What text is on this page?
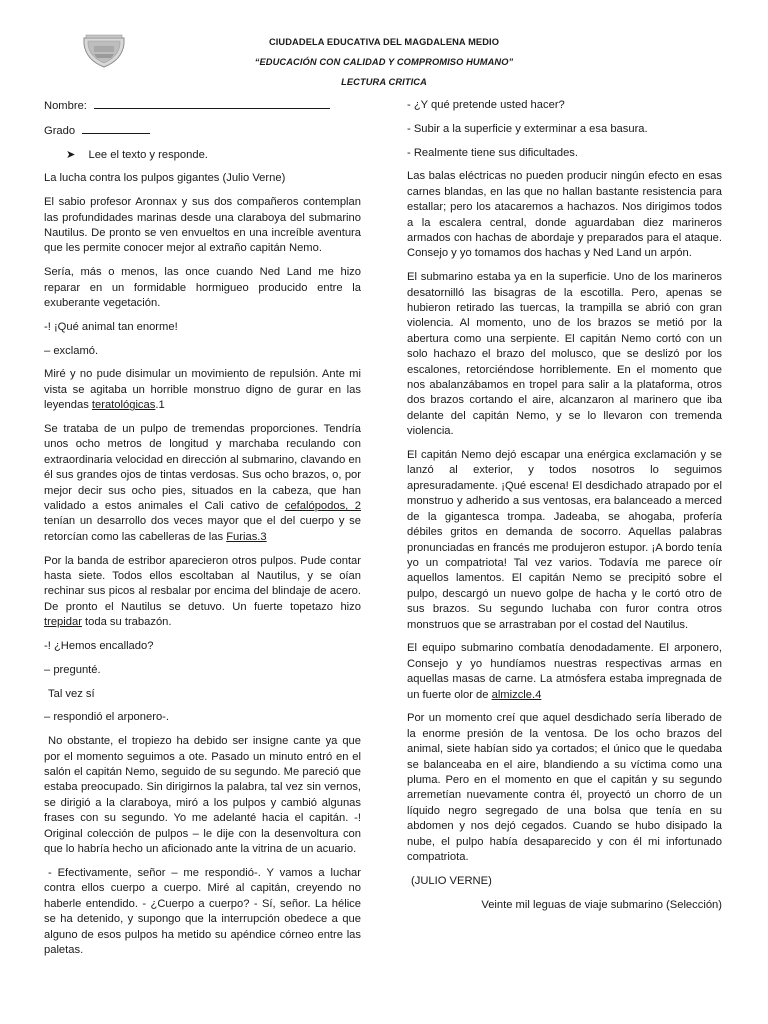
CIUDADELA EDUCATIVA DEL MAGDALENA MEDIO
“EDUCACIÓN CON CALIDAD Y COMPROMISO HUMANO”
LECTURA CRITICA

Nombre:

Grado

➤ Lee el texto y responde.

La lucha contra los pulpos gigantes (Julio Verne)

El sabio profesor Aronnax y sus dos compañeros contemplan las profundidades marinas desde una claraboya del submarino Nautilus. De pronto se ven envueltos en una increíble aventura que les permite conocer mejor al extraño capitán Nemo.

Sería, más o menos, las once cuando Ned Land me hizo reparar en un formidable hormigueo producido entre la exuberante vegetación.

-! ¡Qué animal tan enorme!

– exclamó.

Miré y no pude disimular un movimiento de repulsión. Ante mi vista se agitaba un horrible monstruo digno de gurar en las leyendas teratológicas.1

Se trataba de un pulpo de tremendas proporciones. Tendría unos ocho metros de longitud y marchaba reculando con extraordinaria velocidad en dirección al submarino, clavando en él sus grandes ojos de tintas verdosas. Sus ocho brazos, o, por mejor decir sus ocho pies, situados en la cabeza, que han validado a estos animales el Cali cativo de cefalópodos, 2 tenían un desarrollo dos veces mayor que el del cuerpo y se retorcían como las cabelleras de las Furias.3

Por la banda de estribor aparecieron otros pulpos. Pude contar hasta siete. Todos ellos escoltaban al Nautilus, y se oían rechinar sus picos al resbalar por encima del blindaje de acero. De pronto el Nautilus se detuvo. Un fuerte topetazo hizo trepidar toda su trabazón.

-! ¿Hemos encallado?

– pregunté.

Tal vez sí

– respondió el arponero-.

No obstante, el tropiezo ha debido ser insigne cante ya que por el momento seguimos a ote. Pasado un minuto entró en el salón el capitán Nemo, seguido de su segundo. Me pareció que estaba preocupado. Sin dirigirnos la palabra, tal vez sin vernos, se dirigió a la claraboya, miró a los pulpos y cambió algunas frases con su segundo. Yo me adelanté hacia el capitán. -! Original colección de pulpos – le dije con la desenvoltura con que lo habría hecho un aficionado ante la vitrina de un acuario.

- Efectivamente, señor – me respondió-. Y vamos a luchar contra ellos cuerpo a cuerpo. Miré al capitán, creyendo no haberle entendido. - ¿Cuerpo a cuerpo? - Sí, señor. La hélice se ha detenido, y supongo que la interrupción obedece a que alguno de esos pulpos ha metido su apéndice córneo entre las paletas.

- ¿Y qué pretende usted hacer?

- Subir a la superficie y exterminar a esa basura.

- Realmente tiene sus dificultades.

Las balas eléctricas no pueden producir ningún efecto en esas carnes blandas, en las que no hallan bastante resistencia para estallar; pero los atacaremos a hachazos. Nos dirigimos todos a la escalera central, donde aguardaban diez marineros armados con hachas de abordaje y preparados para el ataque. Consejo y yo tomamos dos hachas y Ned Land un arpón.

El submarino estaba ya en la superficie. Uno de los marineros desatornilló las bisagras de la escotilla. Pero, apenas se hubieron retirado las tuercas, la trampilla se abrió con gran violencia. Al momento, uno de los brazos se metió por la abertura como una serpiente. El capitán Nemo cortó con un solo hachazo el brazo del molusco, que se deslizó por los escalones, retorciéndose horriblemente. En el momento que nos abalanzábamos en tropel para salir a la plataforma, otros dos brazos cortando el aire, alcanzaron al marinero que iba delante del capitán Nemo, y se lo llevaron con tremenda violencia.

El capitán Nemo dejó escapar una enérgica exclamación y se lanzó al exterior, y todos nosotros lo seguimos apresuradamente. ¡Qué escena! El desdichado atrapado por el monstruo y adherido a sus ventosas, era balanceado a merced de la gigantesca trompa. Jadeaba, se ahogaba, profería débiles gritos en demanda de socorro. Aquellas palabras pronunciadas en francés me produjeron estupor. ¡A bordo tenía yo un compatriota! Tal vez varios. Todavía me parece oír aquellos lamentos. El capitán Nemo se precipitó sobre el pulpo, descargó un nuevo golpe de hacha y le cortó otro de sus brazos. Su segundo luchaba con furor contra otros monstruos que se arrastraban por el costad del Nautilus.

El equipo submarino combatía denodadamente. El arponero, Consejo y yo hundíamos nuestras respectivas armas en aquellas masas de carne. La atmósfera estaba impregnada de un fuerte olor de almizcle.4

Por un momento creí que aquel desdichado sería liberado de la enorme presión de la ventosa. De los ocho brazos del animal, siete habían sido ya cortados; el único que le quedaba se balanceaba en el aire, blandiendo a su víctima como una pluma. Pero en el momento en que el capitán y su segundo arremetían nuevamente contra él, proyectó un chorro de un líquido negro segregado de una bolsa que tenía en su abdomen y nos dejó cegados. Cuando se hubo disipado la nube, el pulpo había desaparecido y con él mi infortunado compatriota.

(JULIO VERNE)

Veinte mil leguas de viaje submarino (Selección)
